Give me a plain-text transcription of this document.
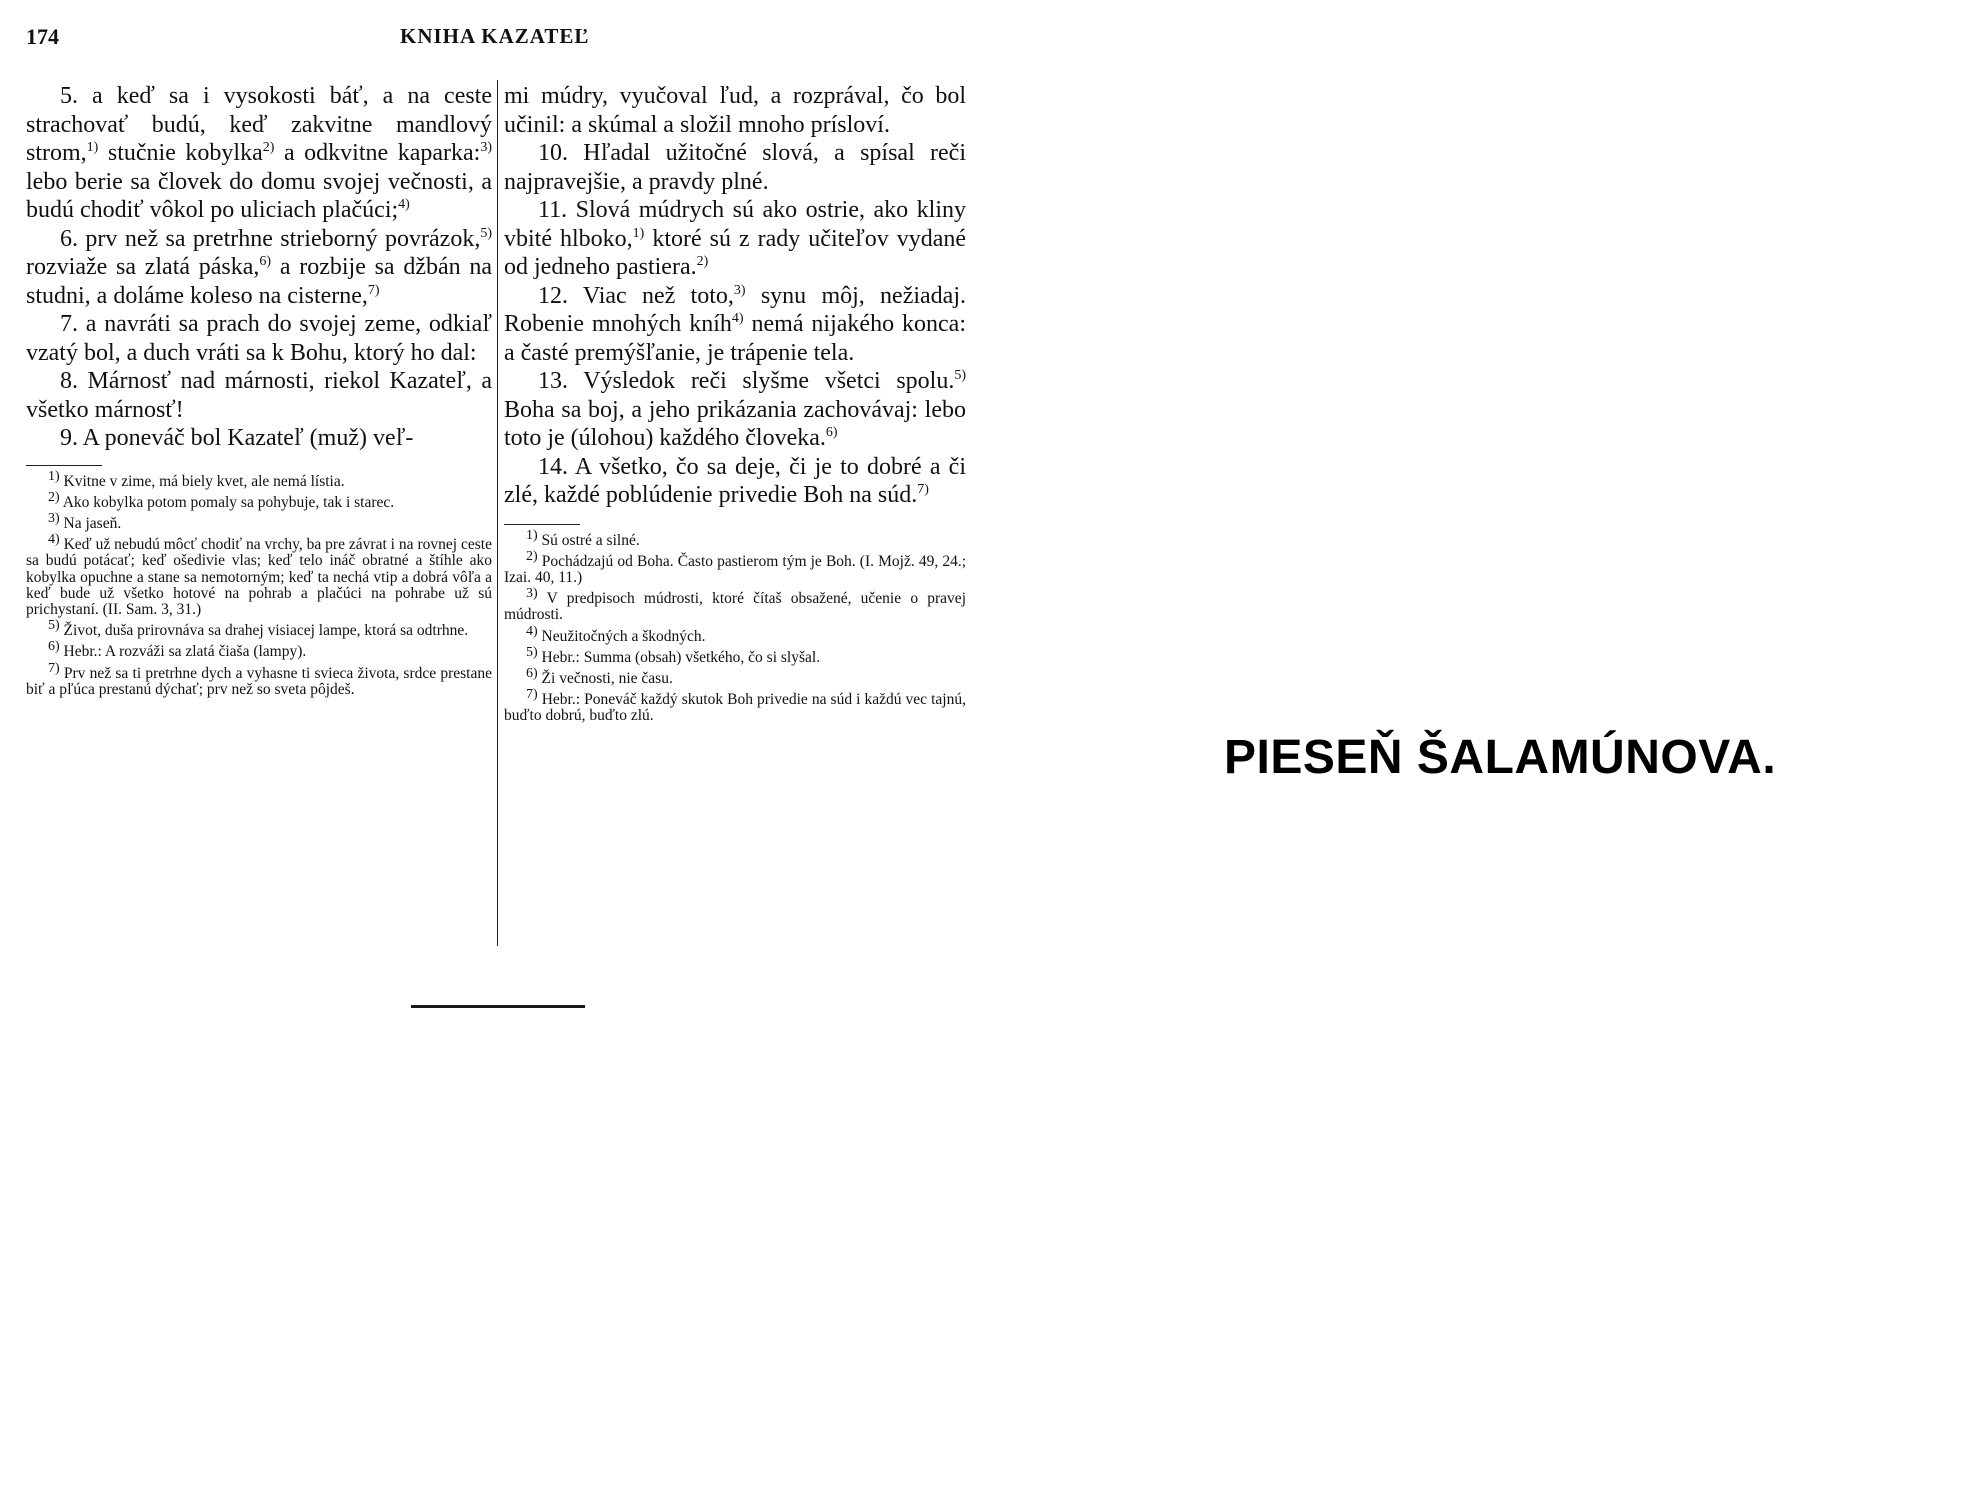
174	KNIHA KAZATEĽ

5. a keď sa i vysokosti báť, a na ceste strachovať budú, keď zakvitne mandlový strom,$^{1)}$ stučnie kobylka$^{2)}$ a odkvitne kaparka:$^{3)}$ lebo berie sa človek do domu svojej večnosti, a budú chodiť vôkol po uliciach plačúci;$^{4)}$

6. prv než sa pretrhne strieborný povrázok,$^{5)}$ rozviaže sa zlatá páska,$^{6)}$ a rozbije sa džbán na studni, a doláme koleso na cisterne,$^{7)}$

7. a navráti sa prach do svojej zeme, odkiaľ vzatý bol, a duch vráti sa k Bohu, ktorý ho dal:

8. Márnosť nad márnosti, riekol Kazateľ, a všetko márnosť!

9. A poneváč bol Kazateľ (muž) veľ-

$^{1)}$ Kvitne v zime, má biely kvet, ale nemá lístia.

$^{2)}$ Ako kobylka potom pomaly sa pohybuje, tak i starec.

$^{3)}$ Na jaseň.

$^{4)}$ Keď už nebudú môcť chodiť na vrchy, ba pre závrat i na rovnej ceste sa budú potácať; keď ošedivie vlas; keď telo ináč obratné a štíhle ako kobylka opuchne a stane sa nemotorným; keď ta nechá vtip a dobrá vôľa a keď bude už všetko hotové na pohrab a plačúci na pohrabe už sú prichystaní. (II. Sam. 3, 31.)

$^{5)}$ Život, duša prirovnáva sa drahej visiacej lampe, ktorá sa odtrhne.

$^{6)}$ Hebr.: A rozváži sa zlatá čiaša (lampy).

$^{7)}$ Prv než sa ti pretrhne dych a vyhasne ti svieca života, srdce prestane biť a pľúca prestanú dýchať; prv než so sveta pôjdeš.

mi múdry, vyučoval ľud, a rozprával, čo bol učinil: a skúmal a složil mnoho prísloví.

10. Hľadal užitočné slová, a spísal reči najpravejšie, a pravdy plné.

11. Slová múdrych sú ako ostrie, ako kliny vbité hlboko,$^{1)}$ ktoré sú z rady učiteľov vydané od jedneho pastiera.$^{2)}$

12. Viac než toto,$^{3)}$ synu môj, nežiadaj. Robenie mnohých kníh$^{4)}$ nemá nijakého konca: a časté premýšľanie, je trápenie tela.

13. Výsledok reči slyšme všetci spolu.$^{5)}$ Boha sa boj, a jeho prikázania zachovávaj: lebo toto je (úlohou) každého človeka.$^{6)}$

14. A všetko, čo sa deje, či je to dobré a či zlé, každé poblúdenie privedie Boh na súd.$^{7)}$

$^{1)}$ Sú ostré a silné.

$^{2)}$ Pochádzajú od Boha. Často pastierom tým je Boh. (I. Mojž. 49, 24.; Izai. 40, 11.)

$^{3)}$ V predpisoch múdrosti, ktoré čítaš obsažené, učenie o pravej múdrosti.

$^{4)}$ Neužitočných a škodných.

$^{5)}$ Hebr.: Summa (obsah) všetkého, čo si slyšal.

$^{6)}$ Ži večnosti, nie času.

$^{7)}$ Hebr.: Poneváč každý skutok Boh privedie na súd i každú vec tajnú, buďto dobrú, buďto zlú.

PIESEŇ ŠALAMÚNOVA.
